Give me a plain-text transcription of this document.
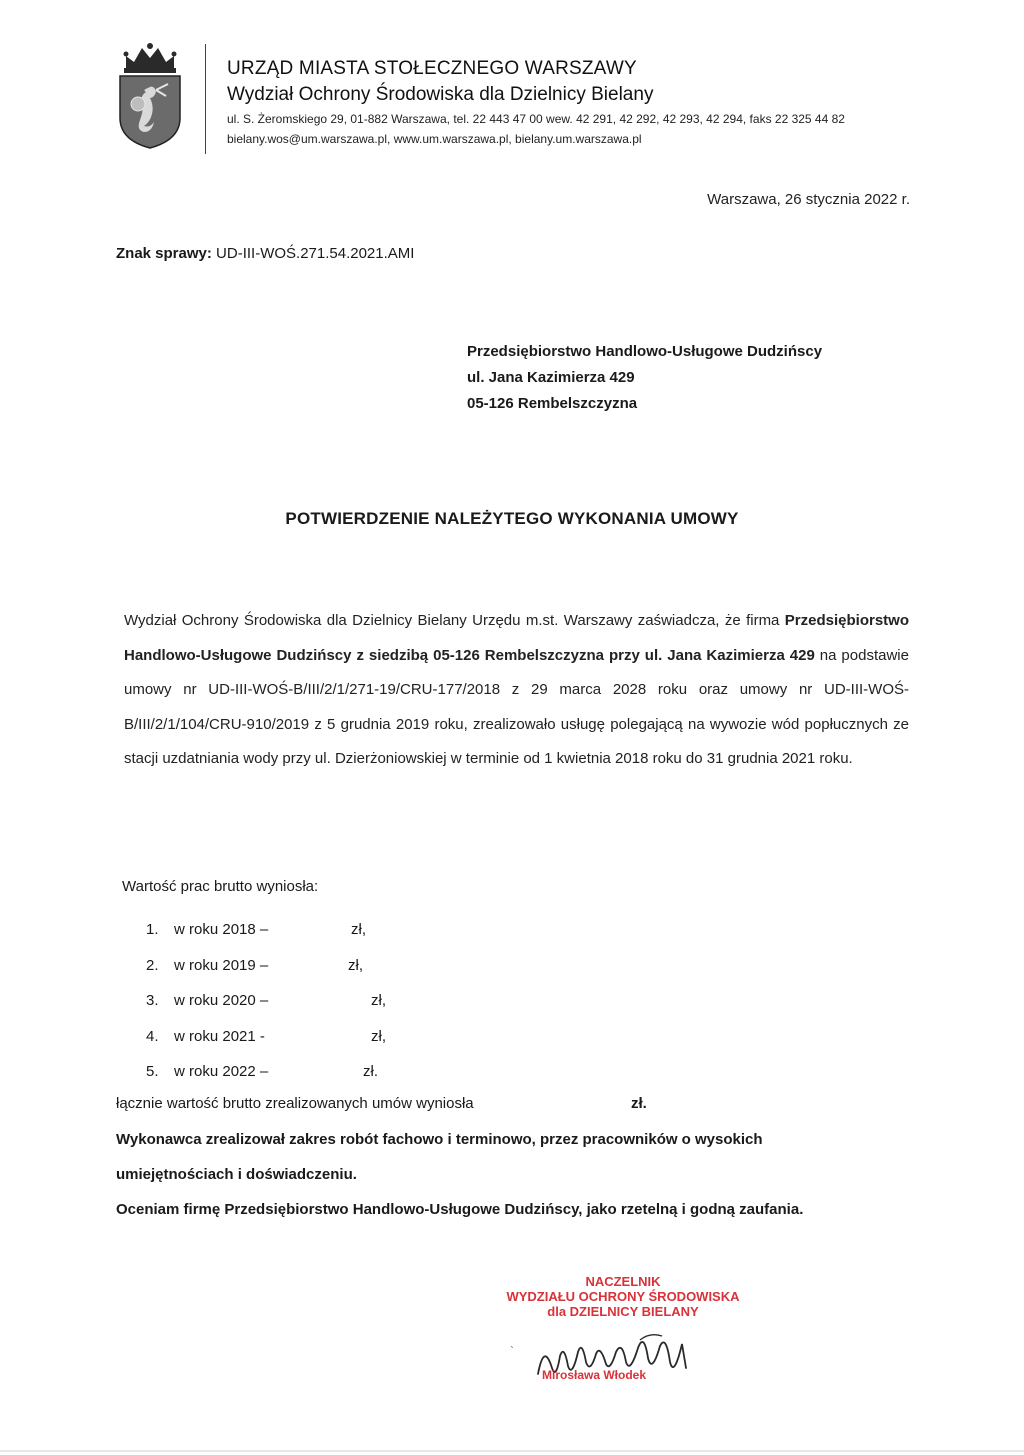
URZĄD MIASTA STOŁECZNEGO WARSZAWY
Wydział Ochrony Środowiska dla Dzielnicy Bielany
ul. S. Żeromskiego 29, 01-882 Warszawa, tel. 22 443 47 00 wew. 42 291, 42 292, 42 293, 42 294, faks 22 325 44 82
bielany.wos@um.warszawa.pl, www.um.warszawa.pl, bielany.um.warszawa.pl
Warszawa, 26 stycznia 2022 r.
Znak sprawy: UD-III-WOŚ.271.54.2021.AMI
Przedsiębiorstwo Handlowo-Usługowe Dudzińscy
ul. Jana Kazimierza 429
05-126 Rembelszczyzna
POTWIERDZENIE NALEŻYTEGO WYKONANIA UMOWY
Wydział Ochrony Środowiska dla Dzielnicy Bielany Urzędu m.st. Warszawy zaświadcza, że firma Przedsiębiorstwo Handlowo-Usługowe Dudzińscy z siedzibą 05-126 Rembelszczyzna przy ul. Jana Kazimierza 429 na podstawie umowy nr UD-III-WOŚ-B/III/2/1/271-19/CRU-177/2018 z 29 marca 2028 roku oraz umowy nr UD-III-WOŚ-B/III/2/1/104/CRU-910/2019 z 5 grudnia 2019 roku, zrealizowało usługę polegającą na wywozie wód popłucznych ze stacji uzdatniania wody przy ul. Dzierżoniowskiej w terminie od 1 kwietnia 2018 roku do 31 grudnia 2021 roku.
Wartość prac brutto wyniosła:
1. w roku 2018 –	zł,
2. w roku 2019 –	zł,
3. w roku 2020 –	zł,
4. w roku 2021 -	zł,
5. w roku 2022 –	zł.
łącznie wartość brutto zrealizowanych umów wyniosła	zł.
Wykonawca zrealizował zakres robót fachowo i terminowo, przez pracowników o wysokich
umiejętnościach i doświadczeniu.
Oceniam firmę Przedsiębiorstwo Handlowo-Usługowe Dudzińscy, jako rzetelną i godną zaufania.
NACZELNIK
WYDZIAŁU OCHRONY ŚRODOWISKA
dla DZIELNICY BIELANY
`
Mirosława Włodek
